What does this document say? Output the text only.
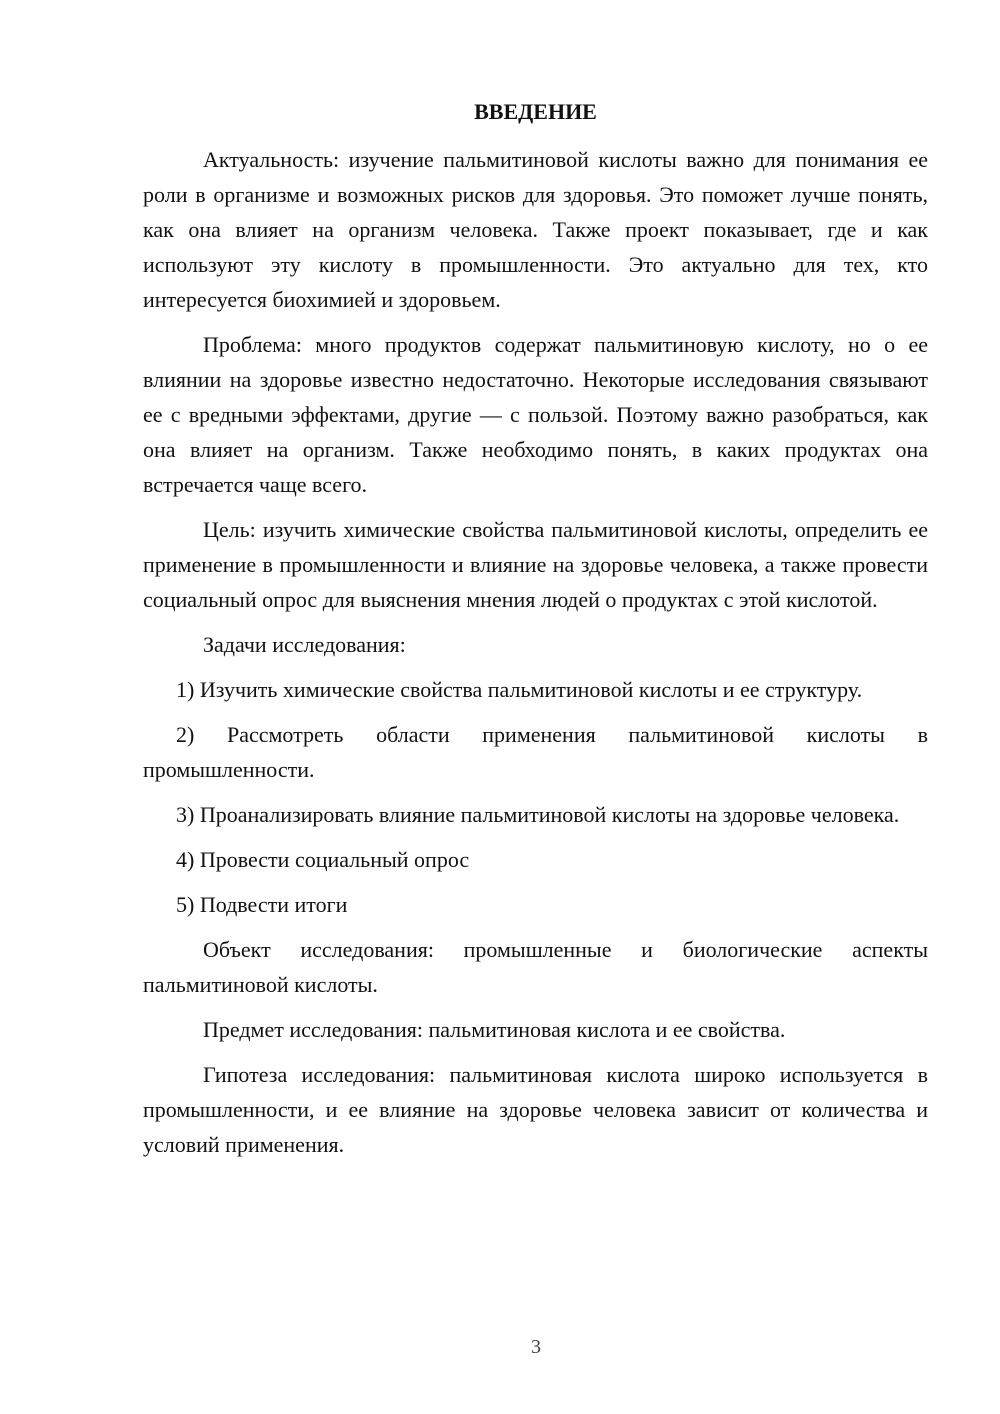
ВВЕДЕНИЕ

Актуальность: изучение пальмитиновой кислоты важно для понимания ее роли в организме и возможных рисков для здоровья. Это поможет лучше понять, как она влияет на организм человека. Также проект показывает, где и как используют эту кислоту в промышленности. Это актуально для тех, кто интересуется биохимией и здоровьем.

Проблема: много продуктов содержат пальмитиновую кислоту, но о ее влиянии на здоровье известно недостаточно. Некоторые исследования связывают ее с вредными эффектами, другие — с пользой. Поэтому важно разобраться, как она влияет на организм. Также необходимо понять, в каких продуктах она встречается чаще всего.

Цель: изучить химические свойства пальмитиновой кислоты, определить ее применение в промышленности и влияние на здоровье человека, а также провести социальный опрос для выяснения мнения людей о продуктах с этой кислотой.

Задачи исследования:

1) Изучить химические свойства пальмитиновой кислоты и ее структуру.

2) Рассмотреть области применения пальмитиновой кислоты в промышленности.

3) Проанализировать влияние пальмитиновой кислоты на здоровье человека.

4) Провести социальный опрос

5) Подвести итоги

Объект исследования: промышленные и биологические аспекты пальмитиновой кислоты.

Предмет исследования: пальмитиновая кислота и ее свойства.

Гипотеза исследования: пальмитиновая кислота широко используется в промышленности, и ее влияние на здоровье человека зависит от количества и условий применения.

3
